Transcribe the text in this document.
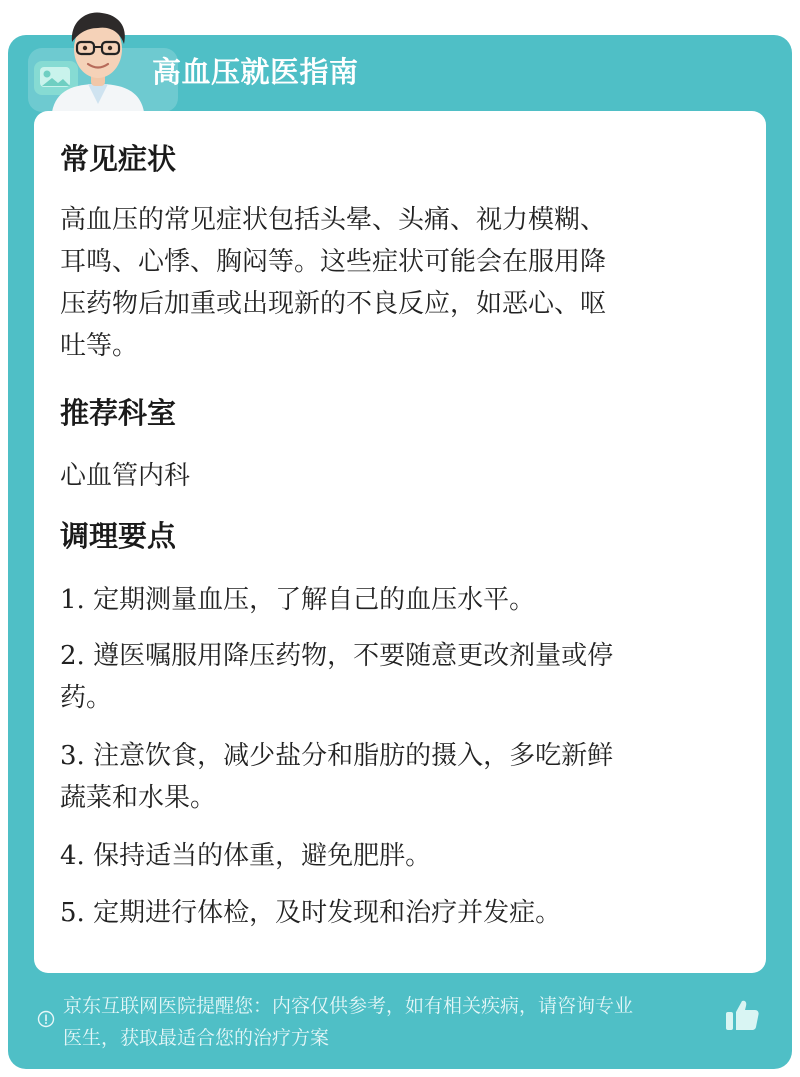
高血压就医指南
常见症状
高血压的常见症状包括头晕、头痛、视力模糊、
耳鸣、心悸、胸闷等。这些症状可能会在服用降
压药物后加重或出现新的不良反应，如恶心、呕
吐等。
推荐科室
心血管内科
调理要点
1. 定期测量血压，了解自己的血压水平。
2. 遵医嘱服用降压药物，不要随意更改剂量或停
药。
3. 注意饮食，减少盐分和脂肪的摄入，多吃新鲜
蔬菜和水果。
4. 保持适当的体重，避免肥胖。
5. 定期进行体检，及时发现和治疗并发症。
京东互联网医院提醒您：内容仅供参考，如有相关疾病，请咨询专业
医生，获取最适合您的治疗方案
